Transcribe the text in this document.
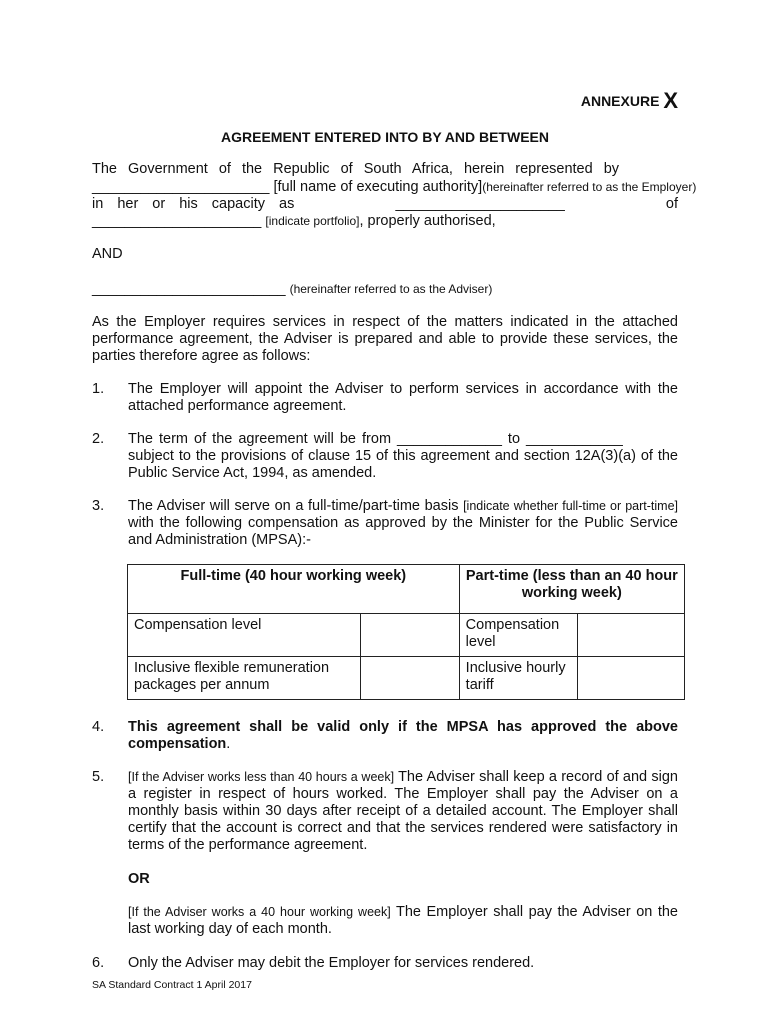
ANNEXURE X
AGREEMENT ENTERED INTO BY AND BETWEEN
The Government of the Republic of South Africa, herein represented by
______________________ [full name of executing authority] (hereinafter referred to as the Employer)
in her or his capacity as	_____________________	of
_____________________ [indicate portfolio], properly authorised,
AND
________________________ (hereinafter referred to as the Adviser)
As the Employer requires services in respect of the matters indicated in the attached performance agreement, the Adviser is prepared and able to provide these services, the parties therefore agree as follows:
1. The Employer will appoint the Adviser to perform services in accordance with the attached performance agreement.
2. The term of the agreement will be from _____________ to ____________
subject to the provisions of clause 15 of this agreement and section 12A(3)(a) of the Public Service Act, 1994, as amended.
3. The Adviser will serve on a full-time/part-time basis [indicate whether full-time or part-time] with the following compensation as approved by the Minister for the Public Service and Administration (MPSA):-
Full-time (40 hour working week)		Part-time (less than an 40 hour working week)	
Compensation level		Compensation level	
Inclusive flexible remuneration packages per annum		Inclusive hourly tariff	
4. This agreement shall be valid only if the MPSA has approved the above compensation.
5. [If the Adviser works less than 40 hours a week] The Adviser shall keep a record of and sign a register in respect of hours worked. The Employer shall pay the Adviser on a monthly basis within 30 days after receipt of a detailed account. The Employer shall certify that the account is correct and that the services rendered were satisfactory in terms of the performance agreement.
OR
[If the Adviser works a 40 hour working week] The Employer shall pay the Adviser on the last working day of each month.
6. Only the Adviser may debit the Employer for services rendered.
SA Standard Contract 1 April 2017
